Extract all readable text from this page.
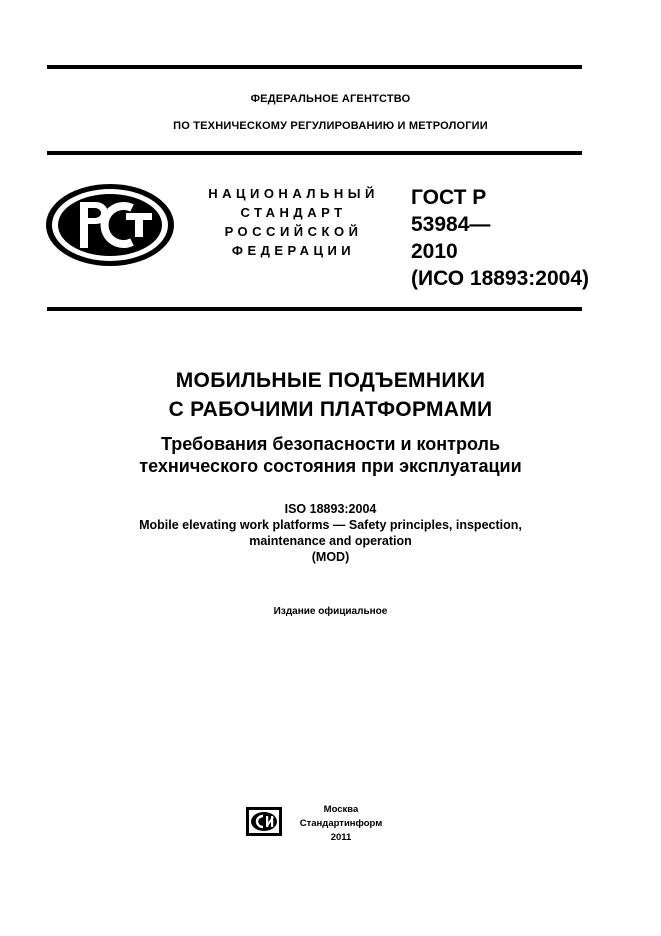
ФЕДЕРАЛЬНОЕ АГЕНТСТВО
ПО ТЕХНИЧЕСКОМУ РЕГУЛИРОВАНИЮ И МЕТРОЛОГИИ
НАЦИОНАЛЬНЫЙ
СТАНДАРТ
РОССИЙСКОЙ
ФЕДЕРАЦИИ
ГОСТ Р
53984—
2010
(ИСО 18893:2004)
МОБИЛЬНЫЕ ПОДЪЕМНИКИ
С РАБОЧИМИ ПЛАТФОРМАМИ
Требования безопасности и контроль
технического состояния при эксплуатации
ISO 18893:2004
Mobile elevating work platforms — Safety principles, inspection,
maintenance and operation
(MOD)
Издание официальное
Москва
Стандартинформ
2011
